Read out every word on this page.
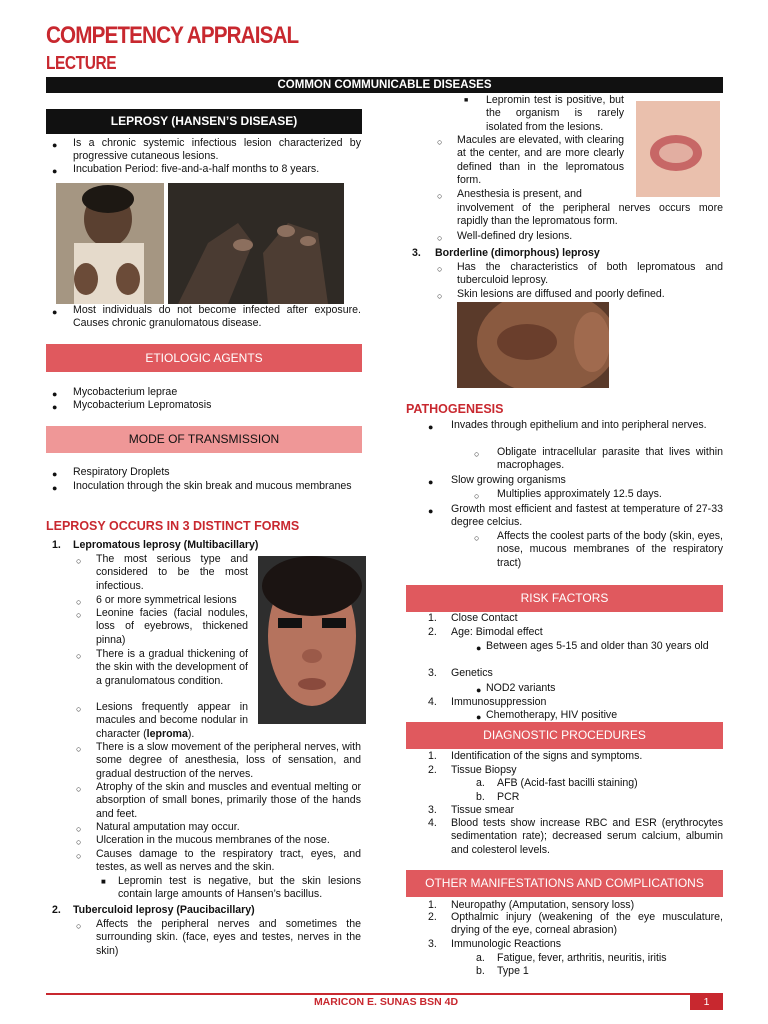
COMPETENCY APPRAISAL
LECTURE
COMMON COMMUNICABLE DISEASES
LEPROSY (HANSEN’S DISEASE)
● Is a chronic systemic infectious lesion characterized by progressive cutaneous lesions.
● Incubation Period: five-and-a-half months to 8 years.
● Most individuals do not become infected after exposure. Causes chronic granulomatous disease.
ETIOLOGIC AGENTS
● Mycobacterium leprae
● Mycobacterium Lepromatosis
MODE OF TRANSMISSION
● Respiratory Droplets
● Inoculation through the skin break and mucous membranes
LEPROSY OCCURS IN 3 DISTINCT FORMS
1. Lepromatous leprosy (Multibacillary)
○ The most serious type and considered to be the most infectious.
○ 6 or more symmetrical lesions
○ Leonine facies (facial nodules, loss of eyebrows, thickened pinna)
○ There is a gradual thickening of the skin with the development of a granulomatous condition.
○ Lesions frequently appear in macules and become nodular in character (leproma).
○ There is a slow movement of the peripheral nerves, with some degree of anesthesia, loss of sensation, and gradual destruction of the nerves.
○ Atrophy of the skin and muscles and eventual melting or absorption of small bones, primarily those of the hands and feet.
○ Natural amputation may occur.
○ Ulceration in the mucous membranes of the nose.
○ Causes damage to the respiratory tract, eyes, and testes, as well as nerves and the skin.
■ Lepromin test is negative, but the skin lesions contain large amounts of Hansen’s bacillus.
2. Tuberculoid leprosy (Paucibacillary)
○ Affects the peripheral nerves and sometimes the surrounding skin. (face, eyes and testes, nerves in the skin)
■ Lepromin test is positive, but the organism is rarely isolated from the lesions.
○ Macules are elevated, with clearing at the center, and are more clearly defined than in the lepromatous form.
○ Anesthesia is present, and
involvement of the peripheral nerves occurs more rapidly than the lepromatous form.
○ Well-defined dry lesions.
3. Borderline (dimorphous) leprosy
○ Has the characteristics of both lepromatous and tuberculoid leprosy.
○ Skin lesions are diffused and poorly defined.
PATHOGENESIS
● Invades through epithelium and into peripheral nerves.
○ Obligate intracellular parasite that lives within macrophages.
● Slow growing organisms
○ Multiplies approximately 12.5 days.
● Growth most efficient and fastest at temperature of 27-33 degree celcius.
○ Affects the coolest parts of the body (skin, eyes, nose, mucous membranes of the respiratory tract)
RISK FACTORS
1. Close Contact
2. Age: Bimodal effect
● Between ages 5-15 and older than 30 years old
3. Genetics
● NOD2 variants
4. Immunosuppression
● Chemotherapy, HIV positive
DIAGNOSTIC PROCEDURES
1. Identification of the signs and symptoms.
2. Tissue Biopsy
a. AFB (Acid-fast bacilli staining)
b. PCR
3. Tissue smear
4. Blood tests show increase RBC and ESR (erythrocytes sedimentation rate); decreased serum calcium, albumin and colesterol levels.
OTHER MANIFESTATIONS AND COMPLICATIONS
1. Neuropathy (Amputation, sensory loss)
2. Opthalmic injury (weakening of the eye musculature, drying of the eye, corneal abrasion)
3. Immunologic Reactions
a. Fatigue, fever, arthritis, neuritis, iritis
b. Type 1
MARICON E. SUNAS BSN 4D	1
